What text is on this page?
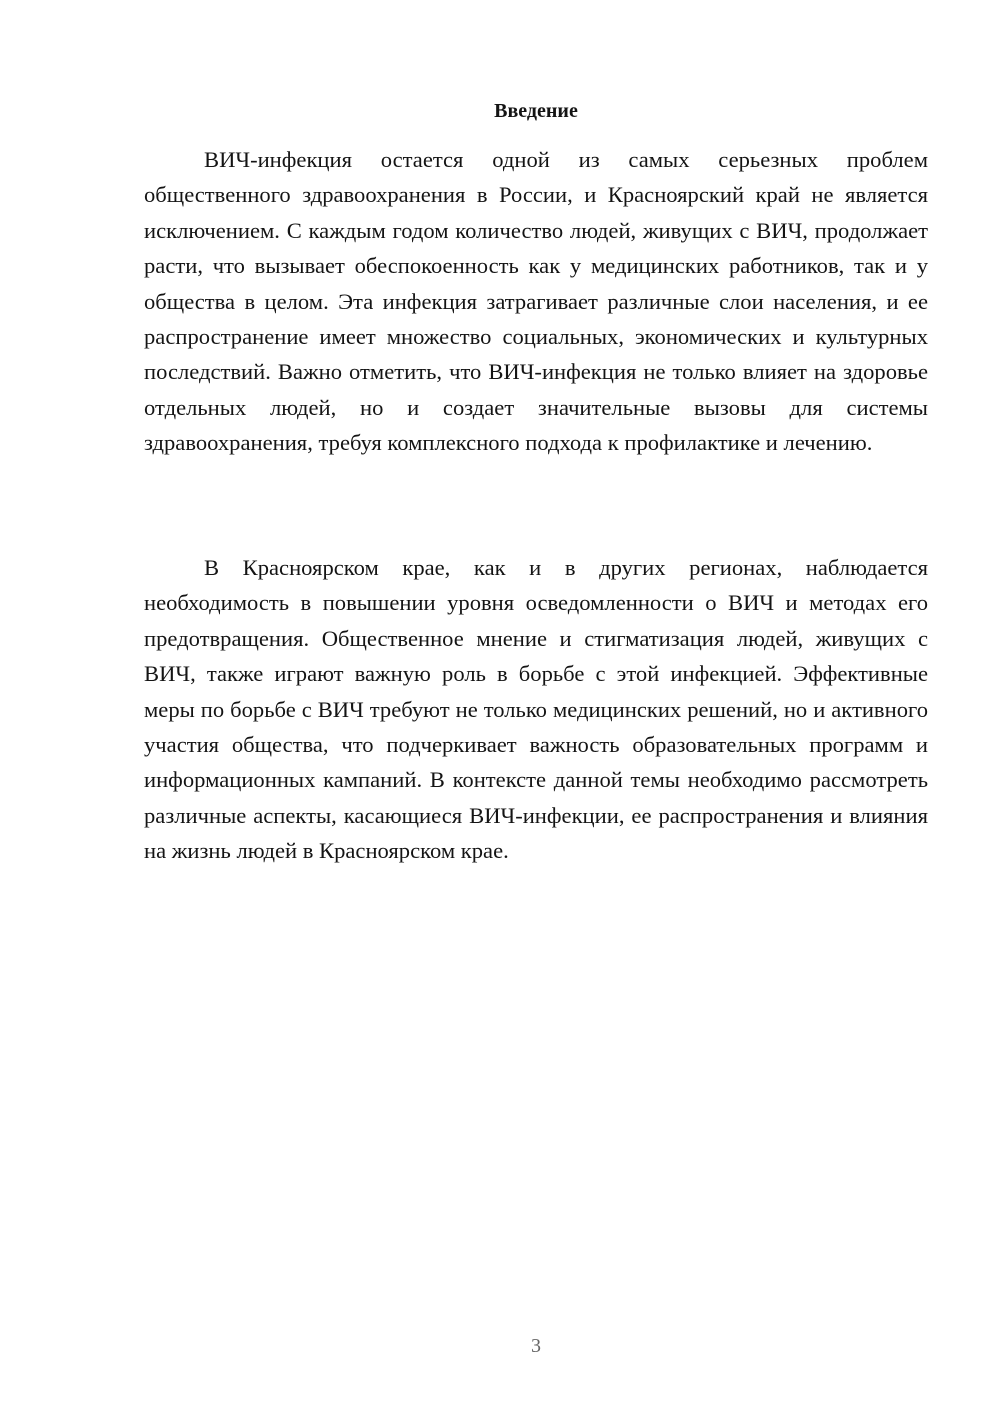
Введение

ВИЧ-инфекция остается одной из самых серьезных проблем общественного здравоохранения в России, и Красноярский край не является исключением. С каждым годом количество людей, живущих с ВИЧ, продолжает расти, что вызывает обеспокоенность как у медицинских работников, так и у общества в целом. Эта инфекция затрагивает различные слои населения, и ее распространение имеет множество социальных, экономических и культурных последствий. Важно отметить, что ВИЧ-инфекция не только влияет на здоровье отдельных людей, но и создает значительные вызовы для системы здравоохранения, требуя комплексного подхода к профилактике и лечению.

В Красноярском крае, как и в других регионах, наблюдается необходимость в повышении уровня осведомленности о ВИЧ и методах его предотвращения. Общественное мнение и стигматизация людей, живущих с ВИЧ, также играют важную роль в борьбе с этой инфекцией. Эффективные меры по борьбе с ВИЧ требуют не только медицинских решений, но и активного участия общества, что подчеркивает важность образовательных программ и информационных кампаний. В контексте данной темы необходимо рассмотреть различные аспекты, касающиеся ВИЧ-инфекции, ее распространения и влияния на жизнь людей в Красноярском крае.

3
